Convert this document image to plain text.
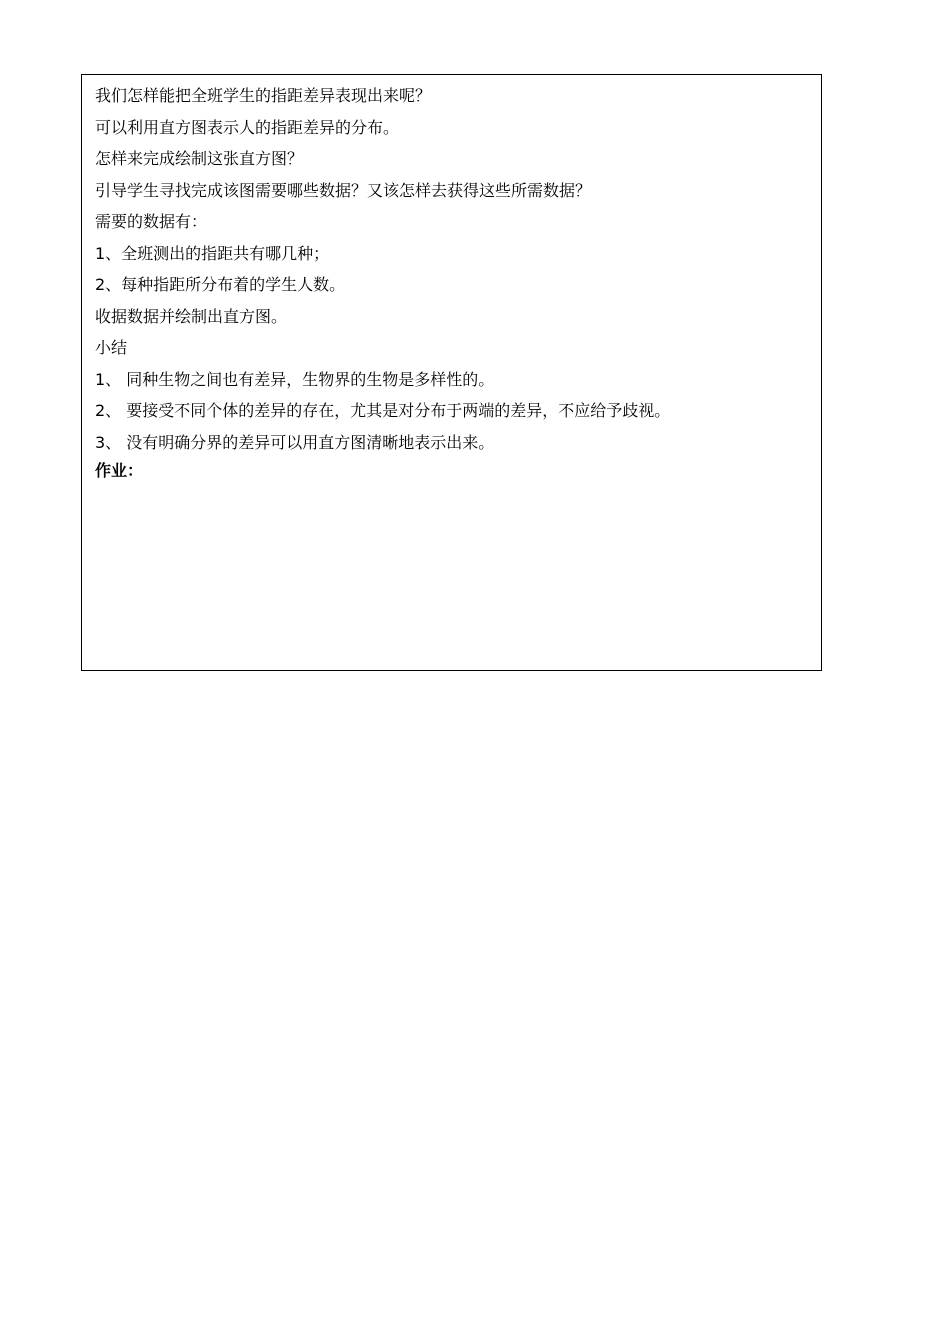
我们怎样能把全班学生的指距差异表现出来呢？
可以利用直方图表示人的指距差异的分布。
怎样来完成绘制这张直方图？
引导学生寻找完成该图需要哪些数据？又该怎样去获得这些所需数据？
需要的数据有：
1、全班测出的指距共有哪几种；
2、每种指距所分布着的学生人数。
收据数据并绘制出直方图。
小结
1、 同种生物之间也有差异，生物界的生物是多样性的。
2、 要接受不同个体的差异的存在，尤其是对分布于两端的差异，不应给予歧视。
3、 没有明确分界的差异可以用直方图清晰地表示出来。
作业：
